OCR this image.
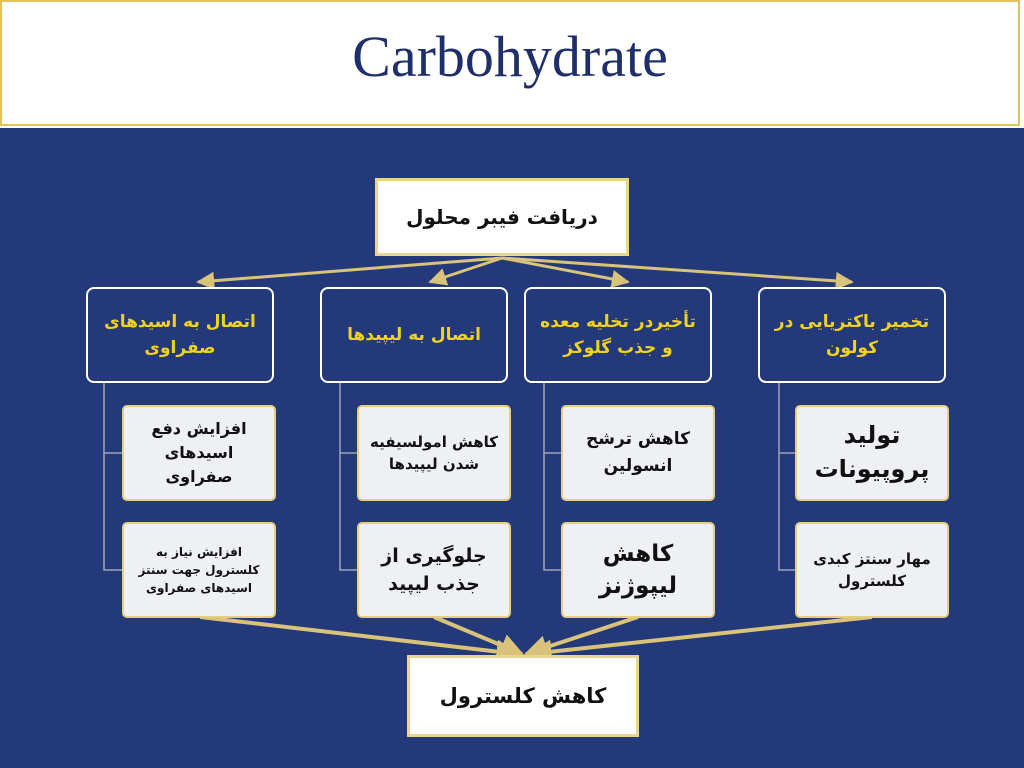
Carbohydrate
دریافت فیبر محلول
اتصال به اسیدهای صفراوی
اتصال به لیپیدها
تأخیردر تخلیه معده و جذب گلوکز
تخمیر باکتریایی در کولون
افزایش دفع اسیدهای صفراوی
کاهش امولسیفیه شدن لیپیدها
کاهش ترشح انسولین
تولید پروپیونات
افزایش نیاز به کلسترول جهت سنتز اسیدهای صفراوی
جلوگیری از جذب لیپید
کاهش لیپوژنز
مهار سنتز کبدی کلسترول
کاهش کلسترول
